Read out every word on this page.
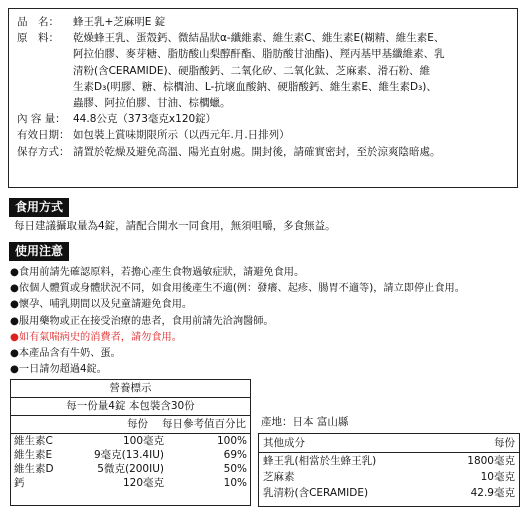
品　名：	蜂王乳+芝麻明E 錠
原　料：	乾燥蜂王乳、蛋殼鈣、微結晶狀α-纖維素、維生素C、維生素E(糊精、維生素E、
阿拉伯膠、麥芽糖、脂肪酸山梨醇酐酯、脂肪酸甘油酯)、羥丙基甲基纖維素、乳
清粉(含CERAMIDE)、硬脂酸鈣、二氧化矽、二氧化鈦、芝麻素、滑石粉、維
生素D₃(明膠、糖、棕櫚油、L-抗壞血酸鈉、硬脂酸鈣、維生素E、維生素D₃)、
蟲膠、阿拉伯膠、甘油、棕櫚蠟。
內 容 量： 44.8公克（373毫克x120錠）
有效日期： 如包裝上賞味期限所示（以西元年.月.日排列）
保存方式： 請置於乾燥及避免高溫、陽光直射處。開封後，請確實密封，至於涼爽陰暗處。
食用方式
每日建議攝取量為4錠，請配合開水一同食用，無須咀嚼，多食無益。
使用注意
●食用前請先確認原料，若擔心產生食物過敏症狀，請避免食用。
●依個人體質或身體狀況不同，如食用後產生不適(例：發癢、起疹、腸胃不適等)，請立即停止食用。
●懷孕、哺乳期間以及兒童請避免食用。
●服用藥物或正在接受治療的患者，食用前請先洽詢醫師。
●如有氣喘病史的消費者，請勿食用。
●本產品含有牛奶、蛋。
●一日請勿超過4錠。
營養標示
每一份量4錠 本包裝含30份
每份 每日參考值百分比
維生素C	100毫克	100%
維生素E	9毫克(13.4IU)	69%
維生素D	5微克(200IU)	50%
鈣	120毫克	10%
產地：日本 富山縣
其他成分	每份
蜂王乳(相當於生蜂王乳)	1800毫克
芝麻素	10毫克
乳清粉(含CERAMIDE)	42.9毫克
